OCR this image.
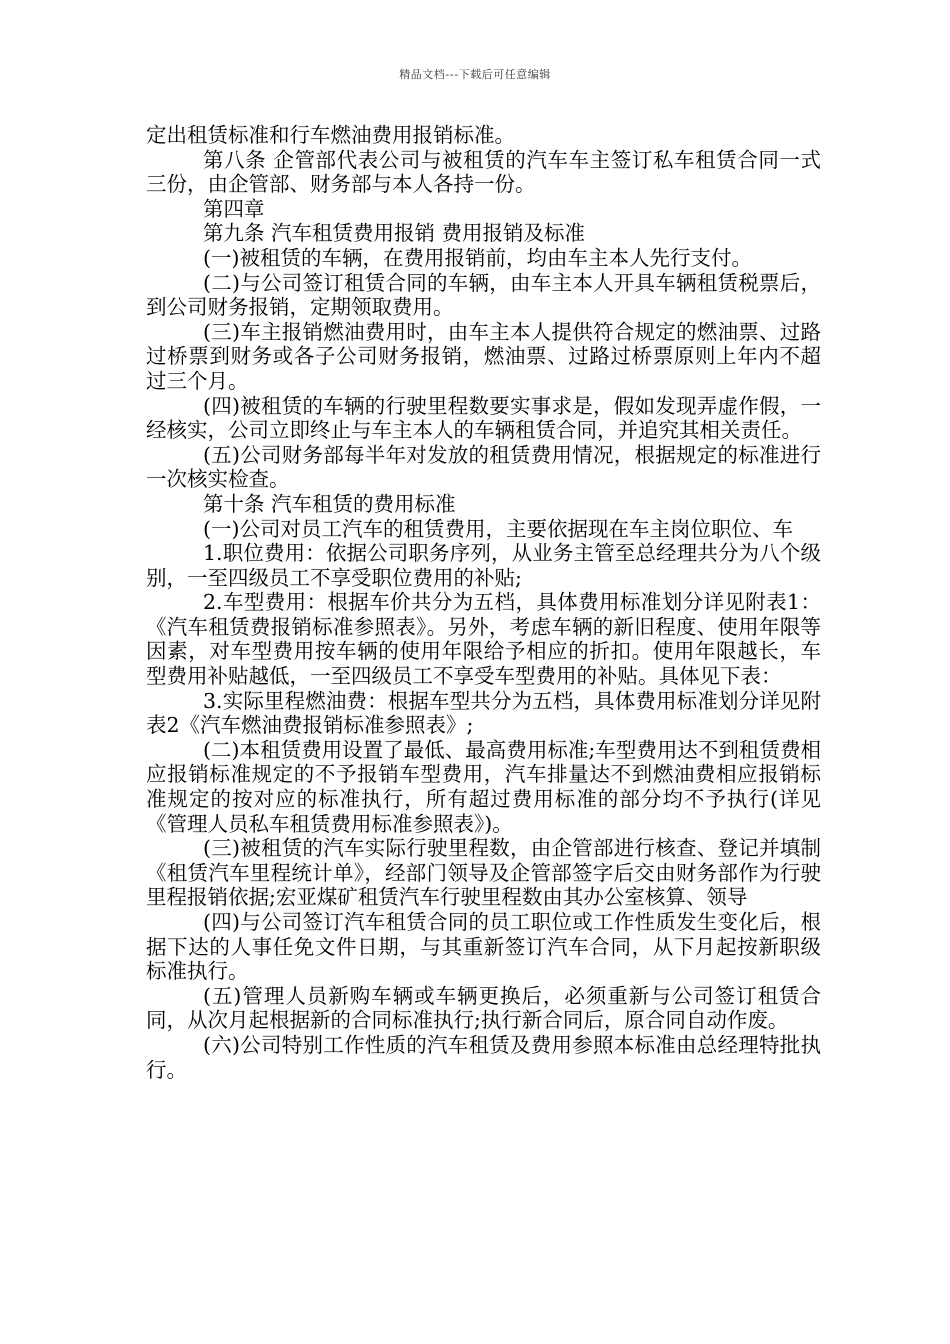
精品文档---下载后可任意编辑

定出租赁标准和行车燃油费用报销标准。

第八条 企管部代表公司与被租赁的汽车车主签订私车租赁合同一式三份，由企管部、财务部与本人各持一份。

第四章

第九条 汽车租赁费用报销 费用报销及标准

(一)被租赁的车辆，在费用报销前，均由车主本人先行支付。

(二)与公司签订租赁合同的车辆，由车主本人开具车辆租赁税票后，到公司财务报销，定期领取费用。

(三)车主报销燃油费用时，由车主本人提供符合规定的燃油票、过路过桥票到财务或各子公司财务报销，燃油票、过路过桥票原则上年内不超过三个月。

(四)被租赁的车辆的行驶里程数要实事求是，假如发现弄虚作假，一经核实，公司立即终止与车主本人的车辆租赁合同，并追究其相关责任。

(五)公司财务部每半年对发放的租赁费用情况，根据规定的标准进行一次核实检查。

第十条 汽车租赁的费用标准

(一)公司对员工汽车的租赁费用，主要依据现在车主岗位职位、车

1.职位费用：依据公司职务序列，从业务主管至总经理共分为八个级别，一至四级员工不享受职位费用的补贴;

2.车型费用：根据车价共分为五档，具体费用标准划分详见附表1：《汽车租赁费报销标准参照表》。另外，考虑车辆的新旧程度、使用年限等因素，对车型费用按车辆的使用年限给予相应的折扣。使用年限越长，车型费用补贴越低，一至四级员工不享受车型费用的补贴。具体见下表：

3.实际里程燃油费：根据车型共分为五档，具体费用标准划分详见附表2《汽车燃油费报销标准参照表》;

(二)本租赁费用设置了最低、最高费用标准;车型费用达不到租赁费相应报销标准规定的不予报销车型费用，汽车排量达不到燃油费相应报销标准规定的按对应的标准执行，所有超过费用标准的部分均不予执行(详见《管理人员私车租赁费用标准参照表》)。

(三)被租赁的汽车实际行驶里程数，由企管部进行核查、登记并填制《租赁汽车里程统计单》，经部门领导及企管部签字后交由财务部作为行驶里程报销依据;宏亚煤矿租赁汽车行驶里程数由其办公室核算、领导

(四)与公司签订汽车租赁合同的员工职位或工作性质发生变化后，根据下达的人事任免文件日期，与其重新签订汽车合同，从下月起按新职级标准执行。

(五)管理人员新购车辆或车辆更换后，必须重新与公司签订租赁合同，从次月起根据新的合同标准执行;执行新合同后，原合同自动作废。

(六)公司特别工作性质的汽车租赁及费用参照本标准由总经理特批执行。
